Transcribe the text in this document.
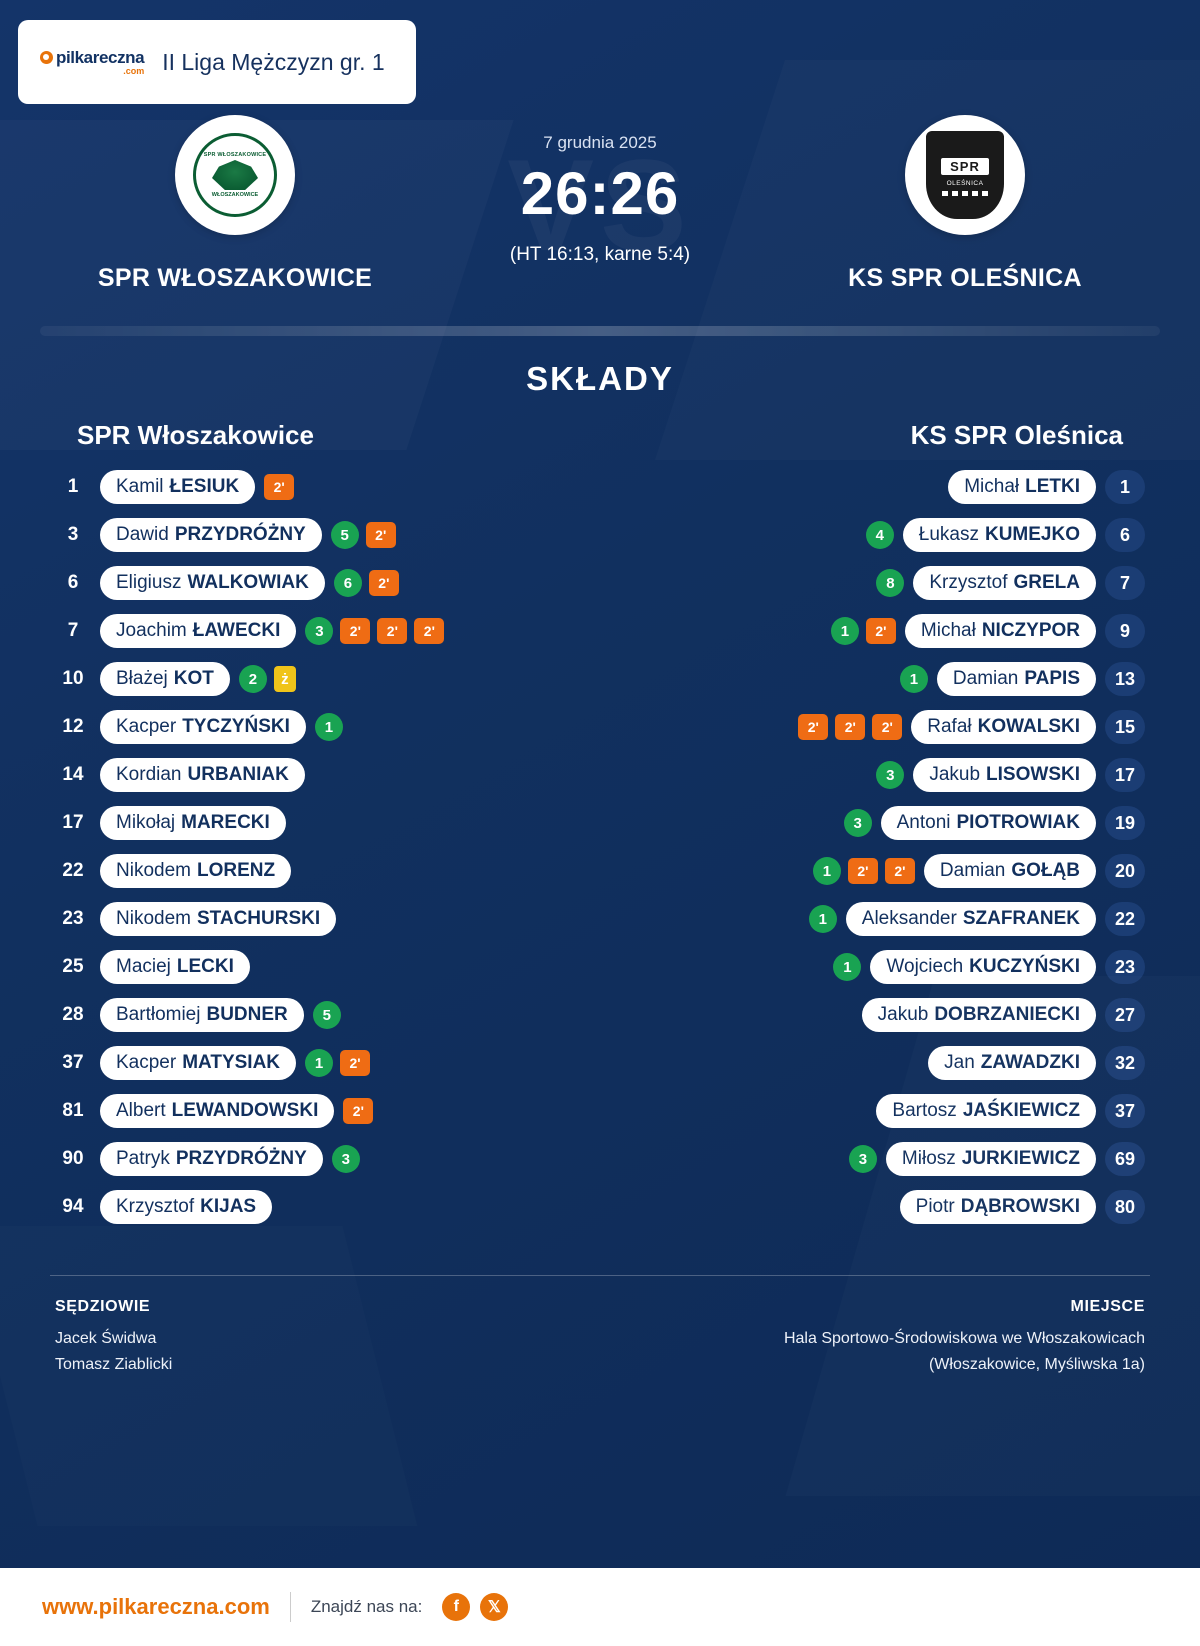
pilkareczna
.com II Liga Mężczyzn gr. 1
SPR WŁOSZAKOWICE
WŁOSZAKOWICE
SPR WŁOSZAKOWICE
7 grudnia 2025
26:26
(HT 16:13, karne 5:4)
SPR
OLEŚNICA
KS SPR OLEŚNICA
SKŁADY
SPR Włoszakowice
1	Kamil ŁESIUK	2'
3	Dawid PRZYDRÓŻNY	5	2'
6	Eligiusz WALKOWIAK	6	2'
7	Joachim ŁAWECKI	3	2'	2'	2'
10	Błażej KOT	2	ż
12	Kacper TYCZYŃSKI	1
14	Kordian URBANIAK
17	Mikołaj MARECKI
22	Nikodem LORENZ
23	Nikodem STACHURSKI
25	Maciej LECKI
28	Bartłomiej BUDNER	5
37	Kacper MATYSIAK	1	2'
81	Albert LEWANDOWSKI	2'
90	Patryk PRZYDRÓŻNY	3
94	Krzysztof KIJAS
KS SPR Oleśnica
Michał LETKI	1
4	Łukasz KUMEJKO	6
8	Krzysztof GRELA	7
1	2'	Michał NICZYPOR	9
1	Damian PAPIS	13
2'	2'	2'	Rafał KOWALSKI	15
3	Jakub LISOWSKI	17
3	Antoni PIOTROWIAK	19
1	2'	2'	Damian GOŁĄB	20
1	Aleksander SZAFRANEK	22
1	Wojciech KUCZYŃSKI	23
Jakub DOBRZANIECKI	27
Jan ZAWADZKI	32
Bartosz JAŚKIEWICZ	37
3	Miłosz JURKIEWICZ	69
Piotr DĄBROWSKI	80
SĘDZIOWIE
Jacek Świdwa
Tomasz Ziablicki
MIEJSCE
Hala Sportowo-Środowiskowa we Włoszakowicach
(Włoszakowice, Myśliwska 1a)
www.pilkareczna.com Znajdź nas na:	f	𝕏
